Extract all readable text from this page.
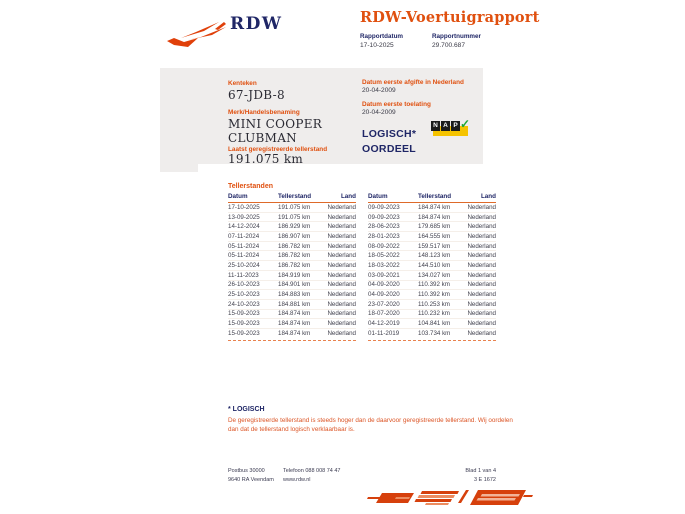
RDW	RDW-Voertuigrapport
Rapportdatum
17-10-2025
Rapportnummer
29.700.687
Kenteken
67-JDB-8
Merk/Handelsbenaming
MINI COOPER
CLUBMAN
Laatst geregistreerde tellerstand
191.075 km
Datum eerste afgifte in Nederland
20-04-2009
Datum eerste toelating
20-04-2009
LOGISCH*
OORDEEL
N A P ✓
Tellerstanden
Datum	Tellerstand	Land
17-10-2025	191.075 km	Nederland
13-09-2025	191.075 km	Nederland
14-12-2024	186.929 km	Nederland
07-11-2024	186.907 km	Nederland
05-11-2024	186.782 km	Nederland
05-11-2024	186.782 km	Nederland
25-10-2024	186.782 km	Nederland
11-11-2023	184.919 km	Nederland
26-10-2023	184.901 km	Nederland
25-10-2023	184.883 km	Nederland
24-10-2023	184.881 km	Nederland
15-09-2023	184.874 km	Nederland
15-09-2023	184.874 km	Nederland
15-09-2023	184.874 km	Nederland
Datum	Tellerstand	Land
09-09-2023	184.874 km	Nederland
09-09-2023	184.874 km	Nederland
28-06-2023	179.685 km	Nederland
28-01-2023	164.555 km	Nederland
08-09-2022	159.517 km	Nederland
18-05-2022	148.123 km	Nederland
18-03-2022	144.510 km	Nederland
03-09-2021	134.027 km	Nederland
04-09-2020	110.392 km	Nederland
04-09-2020	110.392 km	Nederland
23-07-2020	110.253 km	Nederland
18-07-2020	110.232 km	Nederland
04-12-2019	104.841 km	Nederland
01-11-2019	103.734 km	Nederland
* LOGISCH
De geregistreerde tellerstand is steeds hoger dan de daarvoor geregistreerde tellerstand. Wij oordelen dan dat de tellerstand logisch verklaarbaar is.
Postbus 30000
9640 RA Veendam
Telefoon 088 008 74 47
www.rdw.nl
Blad 1 van 4
3 E 1672
